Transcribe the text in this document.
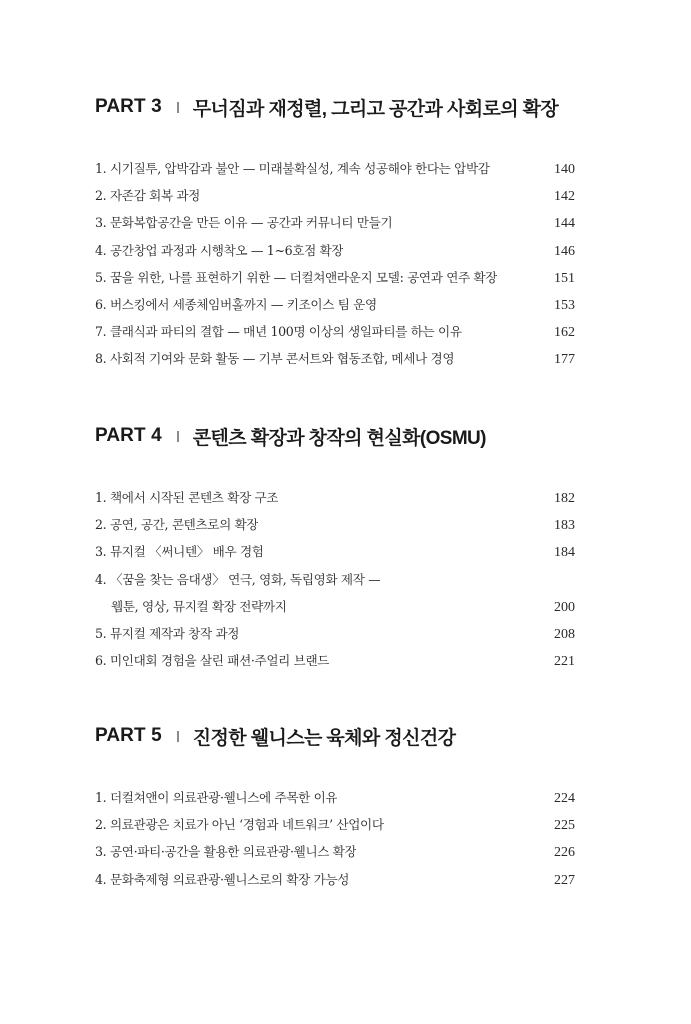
PART 3 무너짐과 재정렬, 그리고 공간과 사회로의 확장
1. 시기질투, 압박감과 불안 — 미래불확실성, 계속 성공해야 한다는 압박감	140
2. 자존감 회복 과정	142
3. 문화복합공간을 만든 이유 — 공간과 커뮤니티 만들기	144
4. 공간창업 과정과 시행착오 — 1~6호점 확장	146
5. 꿈을 위한, 나를 표현하기 위한 — 더컬쳐앤라운지 모델: 공연과 연주 확장	151
6. 버스킹에서 세종체임버홀까지 — 키조이스 팀 운영	153
7. 클래식과 파티의 결합 — 매년 100명 이상의 생일파티를 하는 이유	162
8. 사회적 기여와 문화 활동 — 기부 콘서트와 협동조합, 메세나 경영	177
PART 4 콘텐츠 확장과 창작의 현실화(OSMU)
1. 책에서 시작된 콘텐츠 확장 구조	182
2. 공연, 공간, 콘텐츠로의 확장	183
3. 뮤지컬 〈써니텐〉 배우 경험	184
4. 〈꿈을 찾는 음대생〉 연극, 영화, 독립영화 제작 —
웹툰, 영상, 뮤지컬 확장 전략까지	200
5. 뮤지컬 제작과 창작 과정	208
6. 미인대회 경험을 살린 패션·주얼리 브랜드	221
PART 5 진정한 웰니스는 육체와 정신건강
1. 더컬쳐앤이 의료관광·웰니스에 주목한 이유	224
2. 의료관광은 치료가 아닌 ‘경험과 네트워크’ 산업이다	225
3. 공연·파티·공간을 활용한 의료관광·웰니스 확장	226
4. 문화축제형 의료관광·웰니스로의 확장 가능성	227
